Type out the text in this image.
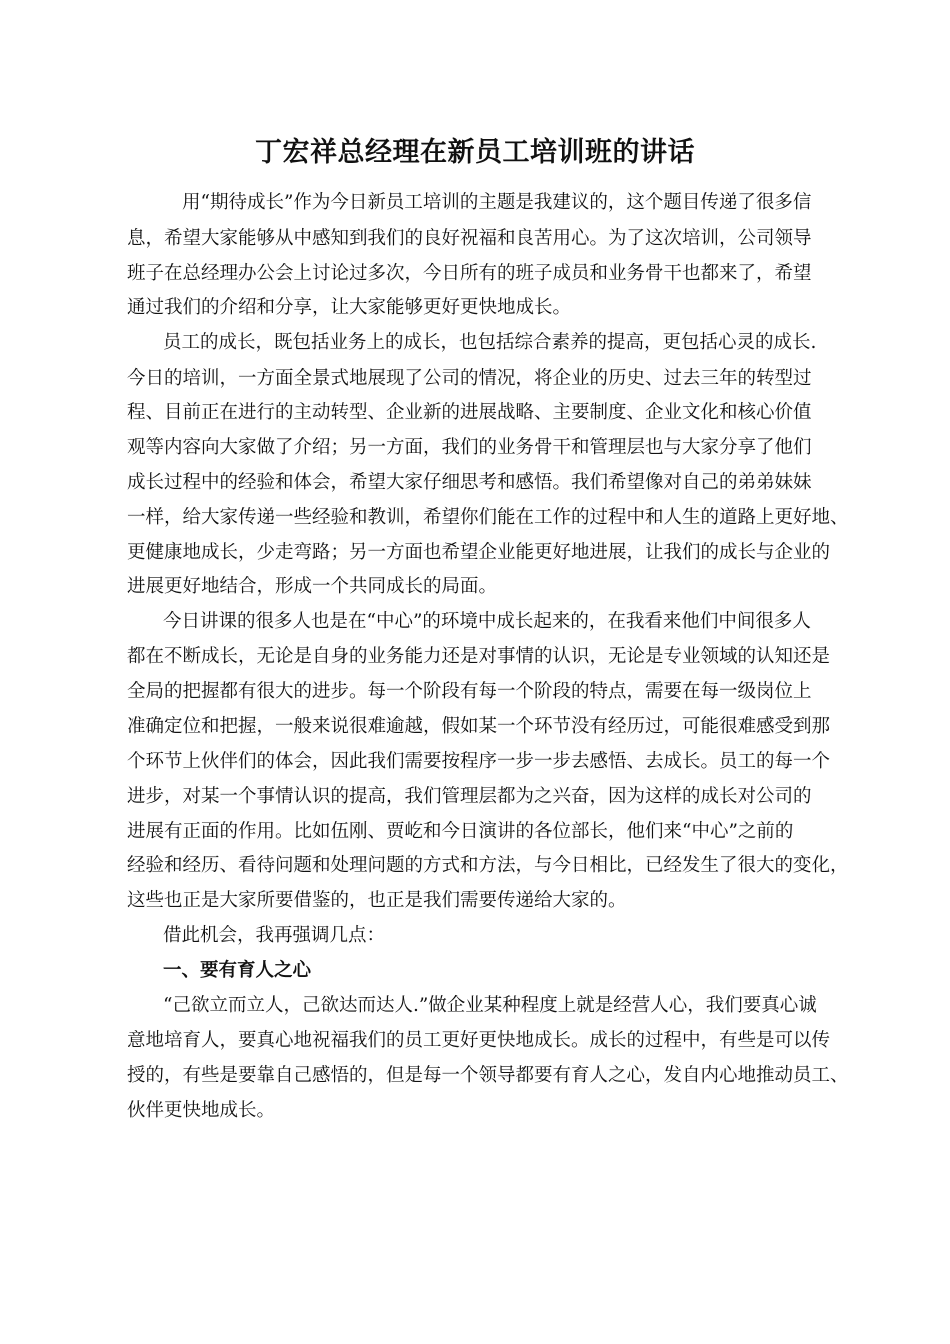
丁宏祥总经理在新员工培训班的讲话
用“期待成长”作为今日新员工培训的主题是我建议的，这个题目传递了很多信
息，希望大家能够从中感知到我们的良好祝福和良苦用心。为了这次培训，公司领导
班子在总经理办公会上讨论过多次，今日所有的班子成员和业务骨干也都来了，希望
通过我们的介绍和分享，让大家能够更好更快地成长。
员工的成长，既包括业务上的成长，也包括综合素养的提高，更包括心灵的成长.
今日的培训，一方面全景式地展现了公司的情况，将企业的历史、过去三年的转型过
程、目前正在进行的主动转型、企业新的进展战略、主要制度、企业文化和核心价值
观等内容向大家做了介绍；另一方面，我们的业务骨干和管理层也与大家分享了他们
成长过程中的经验和体会，希望大家仔细思考和感悟。我们希望像对自己的弟弟妹妹
一样，给大家传递一些经验和教训，希望你们能在工作的过程中和人生的道路上更好地、
更健康地成长，少走弯路；另一方面也希望企业能更好地进展，让我们的成长与企业的
进展更好地结合，形成一个共同成长的局面。
今日讲课的很多人也是在“中心”的环境中成长起来的，在我看来他们中间很多人
都在不断成长，无论是自身的业务能力还是对事情的认识，无论是专业领域的认知还是
全局的把握都有很大的进步。每一个阶段有每一个阶段的特点，需要在每一级岗位上
准确定位和把握，一般来说很难逾越，假如某一个环节没有经历过，可能很难感受到那
个环节上伙伴们的体会，因此我们需要按程序一步一步去感悟、去成长。员工的每一个
进步，对某一个事情认识的提高，我们管理层都为之兴奋，因为这样的成长对公司的
进展有正面的作用。比如伍刚、贾屹和今日演讲的各位部长，他们来“中心”之前的
经验和经历、看待问题和处理问题的方式和方法，与今日相比，已经发生了很大的变化，
这些也正是大家所要借鉴的，也正是我们需要传递给大家的。
借此机会，我再强调几点：
一、要有育人之心
“己欲立而立人，己欲达而达人.”做企业某种程度上就是经营人心，我们要真心诚
意地培育人，要真心地祝福我们的员工更好更快地成长。成长的过程中，有些是可以传
授的，有些是要靠自己感悟的，但是每一个领导都要有育人之心，发自内心地推动员工、
伙伴更快地成长。
